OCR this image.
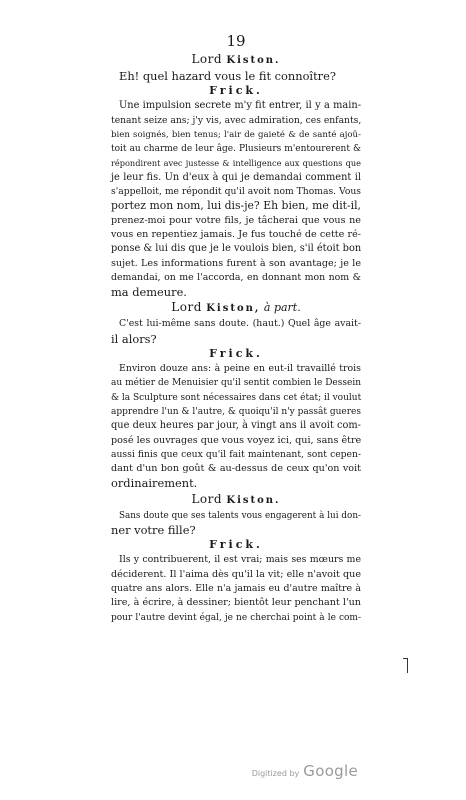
19
Lord Kiston.

Eh! quel hazard vous le fit connoître?

Frick.

Une impulsion secrete m'y fit entrer, il y a main-

tenant seize ans; j'y vis, avec admiration, ces enfants,

bien soignés, bien tenus; l'air de gaieté & de santé ajoû-

toit au charme de leur âge. Plusieurs m'entourerent &

répondirent avec justesse & intelligence aux questions que

je leur fis. Un d'eux à qui je demandai comment il

s'appelloit, me répondit qu'il avoit nom Thomas. Vous

portez mon nom, lui dis-je? Eh bien, me dit-il,

prenez-moi pour votre fils, je tâcherai que vous ne

vous en repentiez jamais. Je fus touché de cette ré-

ponse & lui dis que je le voulois bien, s'il étoit bon

sujet. Les informations furent à son avantage; je le

demandai, on me l'accorda, en donnant mon nom &

ma demeure.

Lord Kiston, à part.

C'est lui-même sans doute. (haut.) Quel âge avait-

il alors?

Frick.

Environ douze ans: à peine en eut-il travaillé trois

au métier de Menuisier qu'il sentit combien le Dessein

& la Sculpture sont nécessaires dans cet état; il voulut

apprendre l'un & l'autre, & quoiqu'il n'y passât gueres

que deux heures par jour, à vingt ans il avoit com-

posé les ouvrages que vous voyez ici, qui, sans être

aussi finis que ceux qu'il fait maintenant, sont cepen-

dant d'un bon goût & au-dessus de ceux qu'on voit

ordinairement.

Lord Kiston.

Sans doute que ses talents vous engagerent à lui don-

ner votre fille?

Frick.

Ils y contribuerent, il est vrai; mais ses mœurs me

déciderent. Il l'aima dès qu'il la vit; elle n'avoit que

quatre ans alors. Elle n'a jamais eu d'autre maître à

lire, à écrire, à dessiner; bientôt leur penchant l'un

pour l'autre devint égal, je ne cherchai point à le com-

Digitized by Google
